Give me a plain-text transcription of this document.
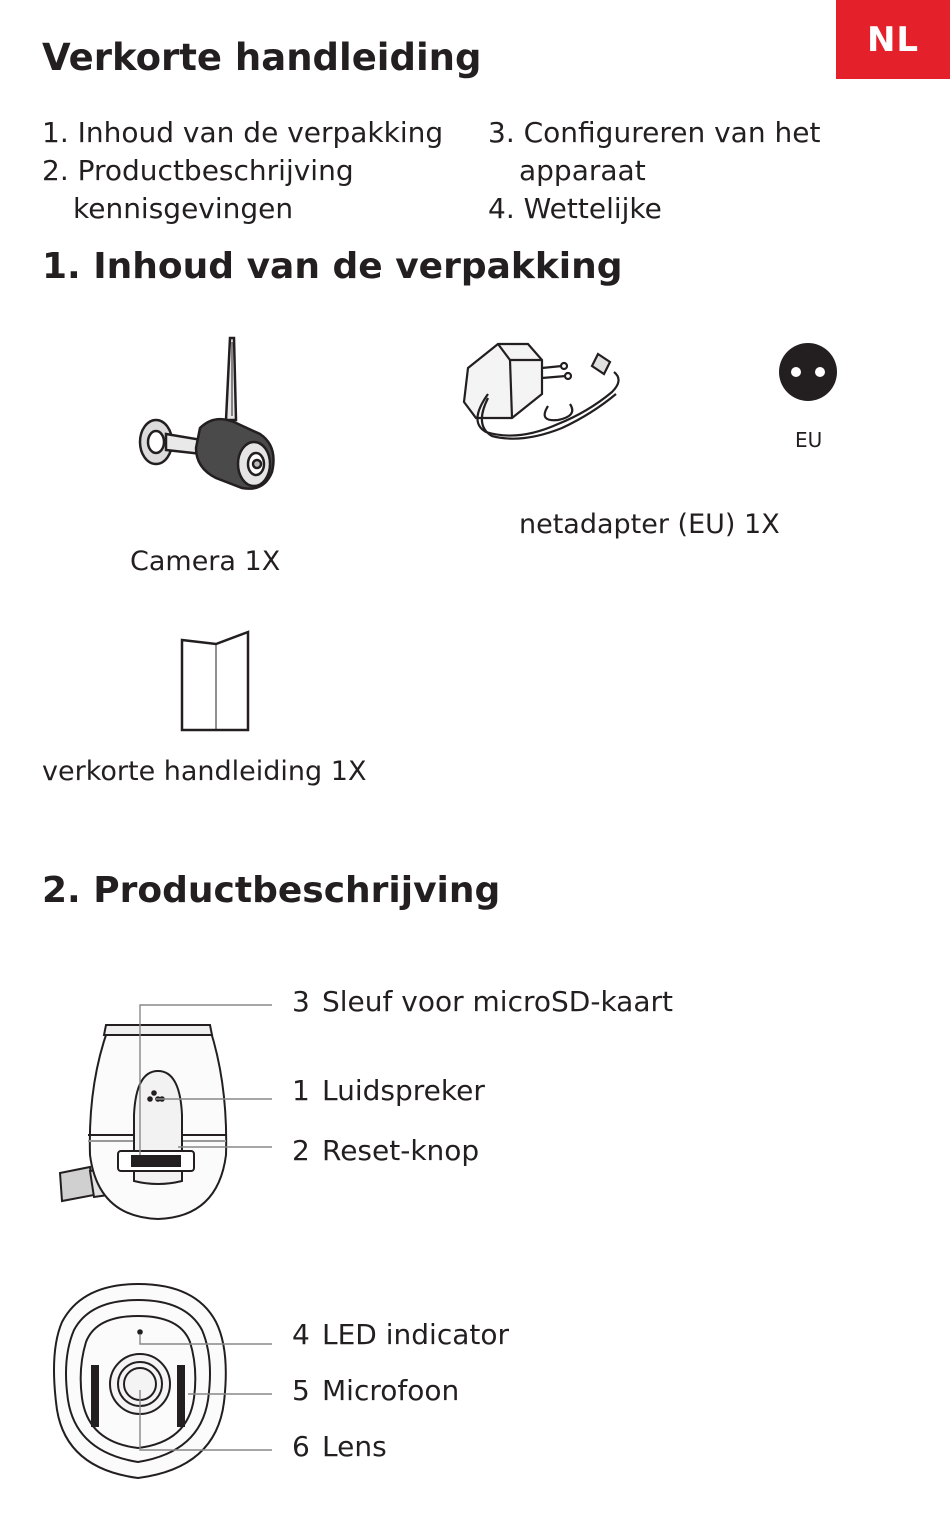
NL
Verkorte handleiding
1. Inhoud van de verpakking
2. Productbeschrijving
kennisgevingen
3. Configureren van het
apparaat
4. Wettelijke
1. Inhoud van de verpakking
Camera 1X
netadapter (EU) 1X
EU
verkorte handleiding 1X
2. Productbeschrijving
3 Sleuf voor microSD-kaart
1 Luidspreker
2 Reset-knop
4 LED indicator
5 Microfoon
6 Lens
